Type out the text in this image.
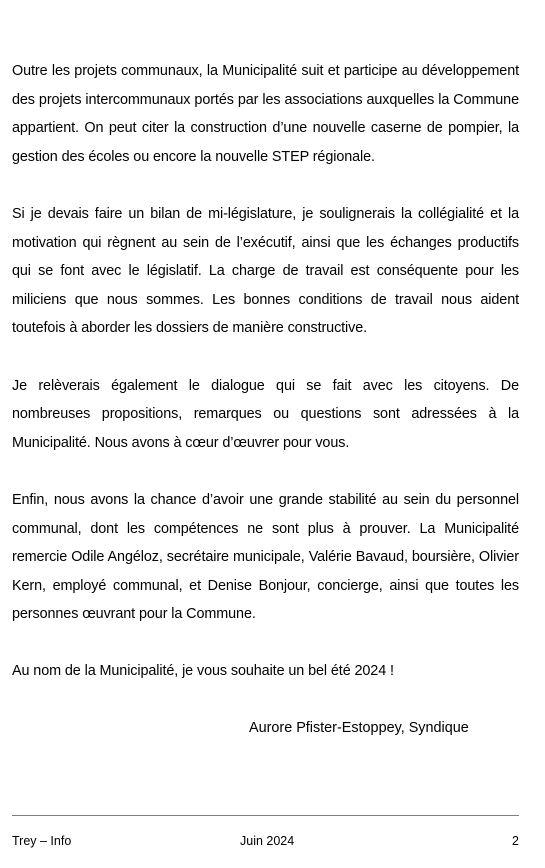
Outre les projets communaux, la Municipalité suit et participe au développement des projets intercommunaux portés par les associations auxquelles la Commune appartient. On peut citer la construction d’une nouvelle caserne de pompier, la gestion des écoles ou encore la nouvelle STEP régionale.

Si je devais faire un bilan de mi-législature, je soulignerais la collégialité et la motivation qui règnent au sein de l’exécutif, ainsi que les échanges productifs qui se font avec le législatif. La charge de travail est conséquente pour les miliciens que nous sommes. Les bonnes conditions de travail nous aident toutefois à aborder les dossiers de manière constructive.

Je relèverais également le dialogue qui se fait avec les citoyens. De nombreuses propositions, remarques ou questions sont adressées à la Municipalité. Nous avons à cœur d’œuvrer pour vous.

Enfin, nous avons la chance d’avoir une grande stabilité au sein du personnel communal, dont les compétences ne sont plus à prouver. La Municipalité remercie Odile Angéloz, secrétaire municipale, Valérie Bavaud, boursière, Olivier Kern, employé communal, et Denise Bonjour, concierge, ainsi que toutes les personnes œuvrant pour la Commune.

Au nom de la Municipalité, je vous souhaite un bel été 2024 !

Aurore Pfister-Estoppey, Syndique
Trey – Info	Juin 2024	2
